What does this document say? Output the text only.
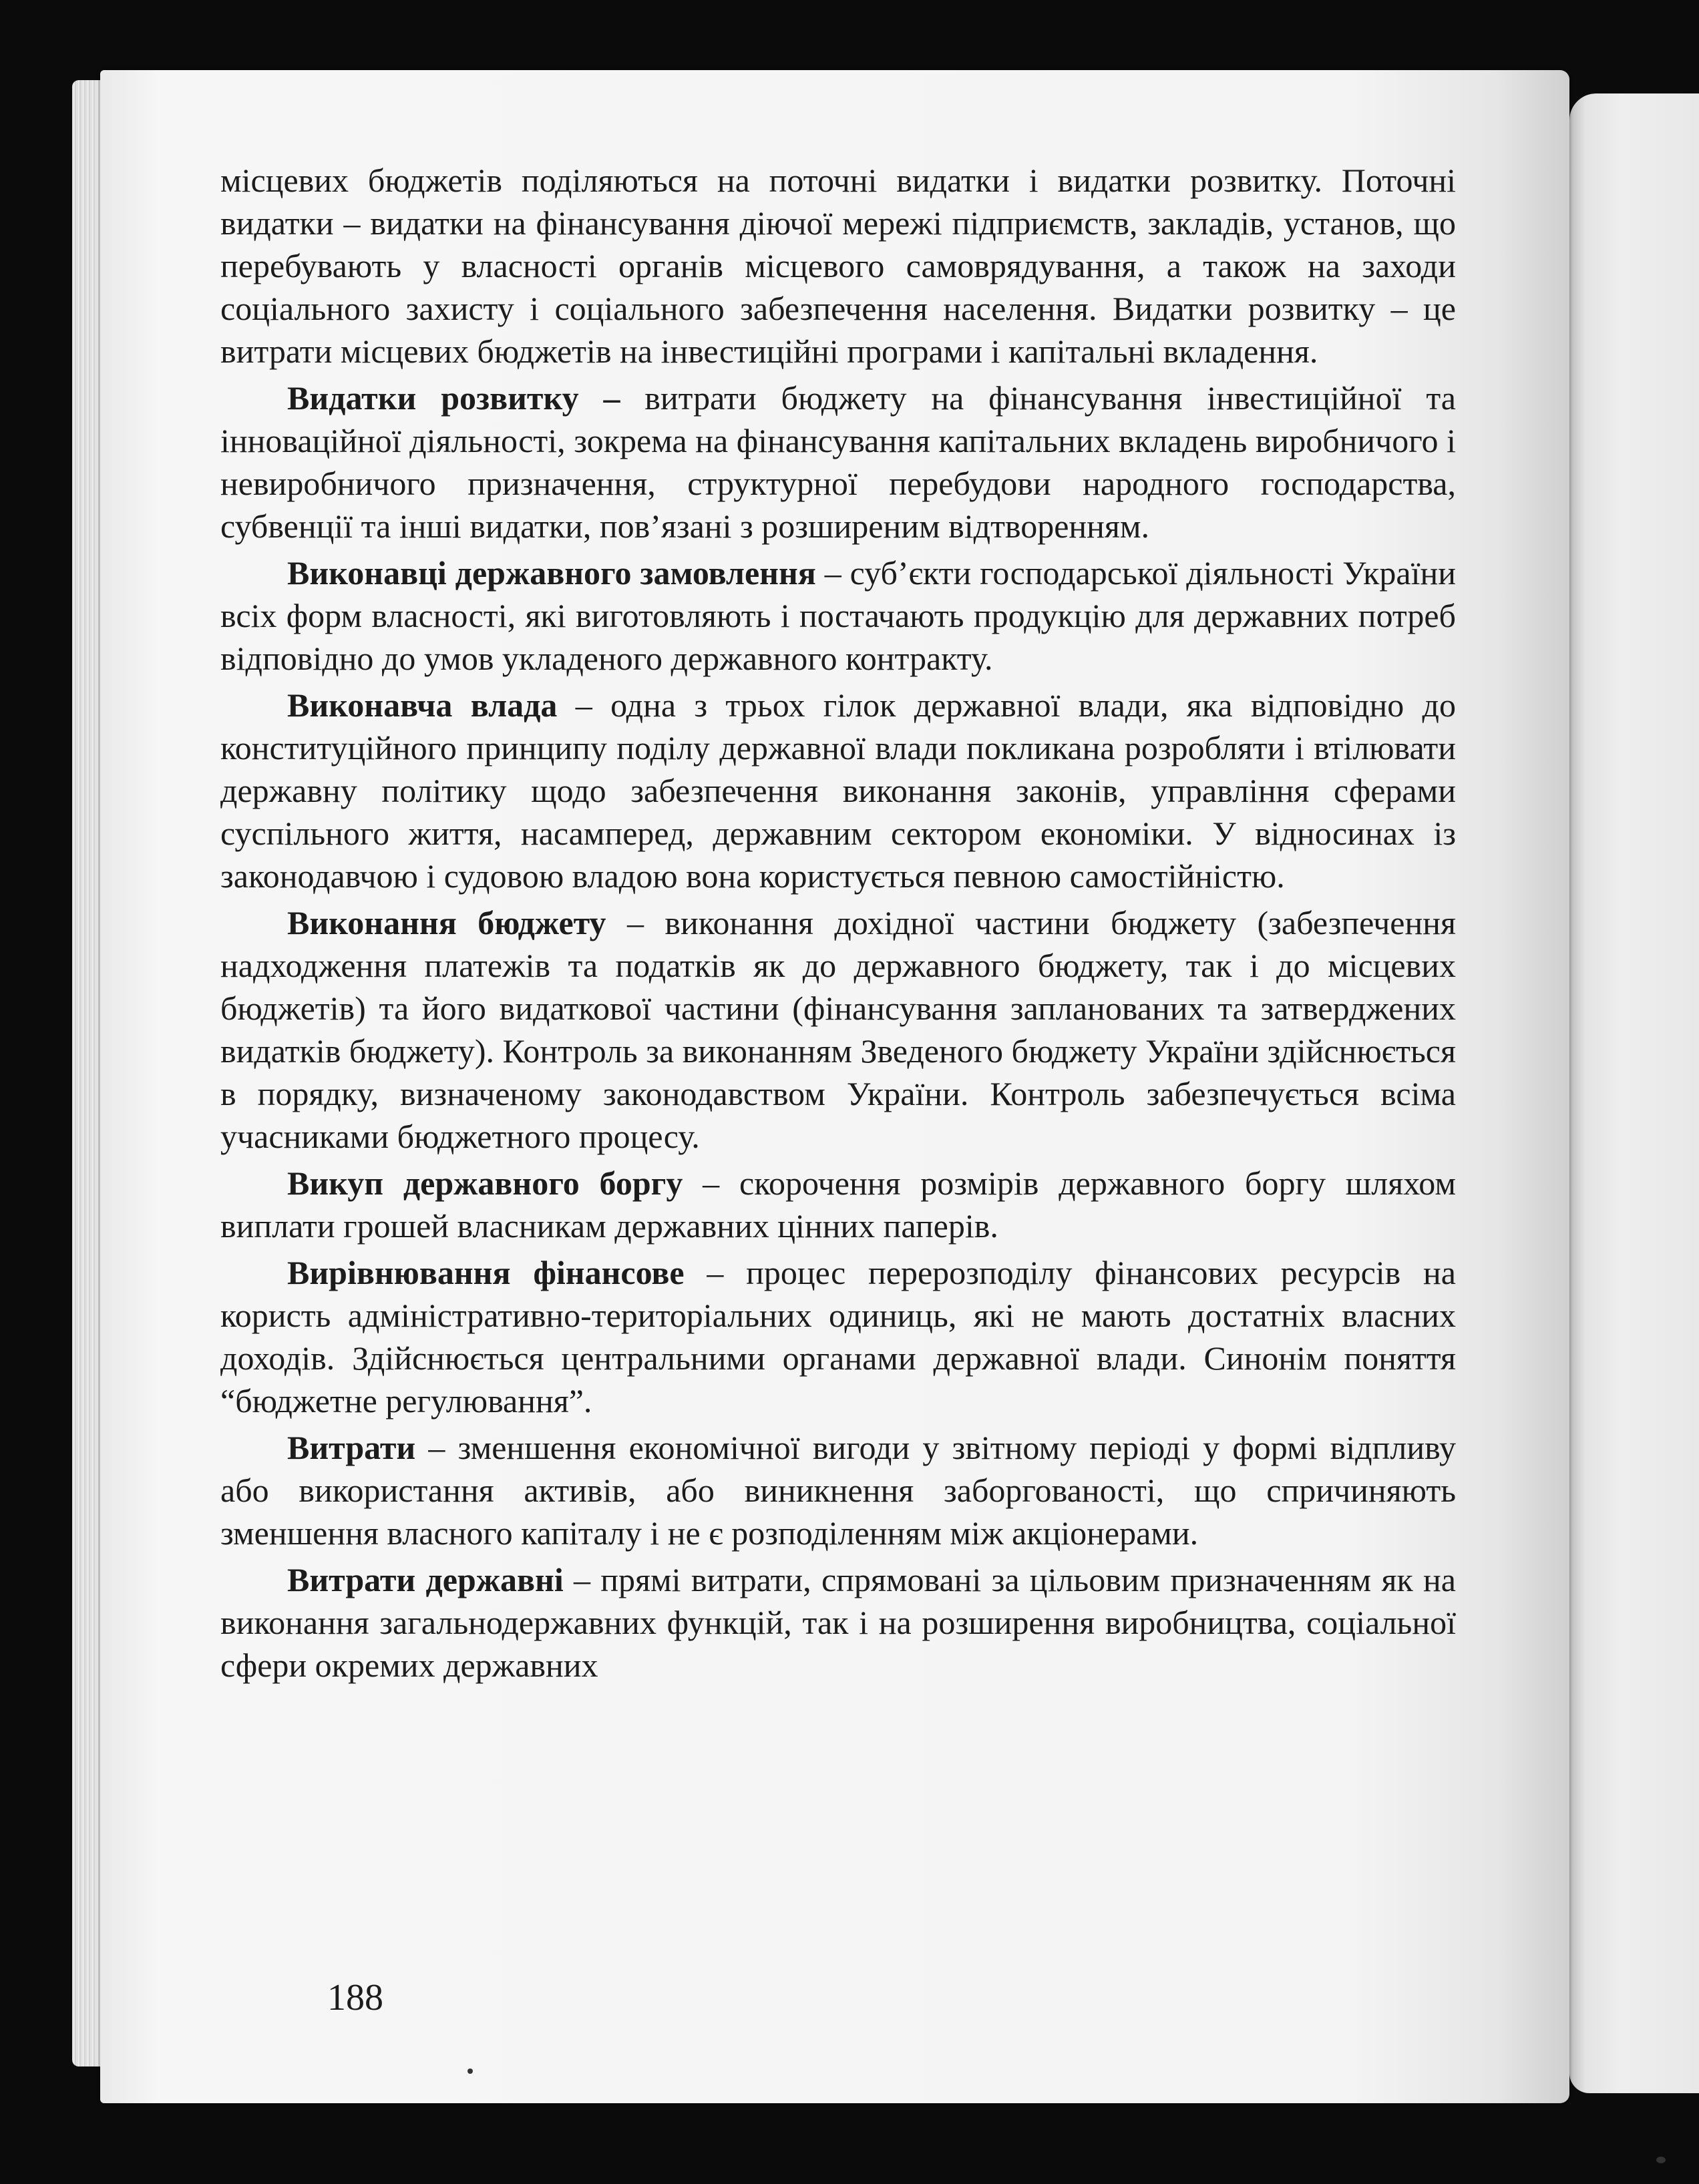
місцевих бюджетів поділяються на поточні видатки і видатки розвитку. Поточні видатки – видатки на фінансування діючої мережі підприємств, закладів, установ, що перебувають у власності органів місцевого самоврядування, а також на заходи соціального захисту і соціального забезпечення населення. Видатки розвитку – це витрати місцевих бюджетів на інвестиційні програми і капітальні вкладення.

Видатки розвитку – витрати бюджету на фінансування інвестиційної та інноваційної діяльності, зокрема на фінансування капітальних вкладень виробничого і невиробничого призначення, структурної перебудови народного господарства, субвенції та інші видатки, пов’язані з розширеним відтворенням.

Виконавці державного замовлення – суб’єкти господарської діяльності України всіх форм власності, які виготовляють і постачають продукцію для державних потреб відповідно до умов укладеного державного контракту.

Виконавча влада – одна з трьох гілок державної влади, яка відповідно до конституційного принципу поділу державної влади покликана розробляти і втілювати державну політику щодо забезпечення виконання законів, управління сферами суспільного життя, насамперед, державним сектором економіки. У відносинах із законодавчою і судовою владою вона користується певною самостійністю.

Виконання бюджету – виконання дохідної частини бюджету (забезпечення надходження платежів та податків як до державного бюджету, так і до місцевих бюджетів) та його видаткової частини (фінансування запланованих та затверджених видатків бюджету). Контроль за виконанням Зведеного бюджету України здійснюється в порядку, визначеному законодавством України. Контроль забезпечується всіма учасниками бюджетного процесу.

Викуп державного боргу – скорочення розмірів державного боргу шляхом виплати грошей власникам державних цінних паперів.

Вирівнювання фінансове – процес перерозподілу фінансових ресурсів на користь адміністративно-територіальних одиниць, які не мають достатніх власних доходів. Здійснюється центральними органами державної влади. Синонім поняття “бюджетне регулювання”.

Витрати – зменшення економічної вигоди у звітному періоді у формі відпливу або використання активів, або виникнення заборгованості, що спричиняють зменшення власного капіталу і не є розподіленням між акціонерами.

Витрати державні – прямі витрати, спрямовані за цільовим призначенням як на виконання загальнодержавних функцій, так і на розширення виробництва, соціальної сфери окремих державних

188
